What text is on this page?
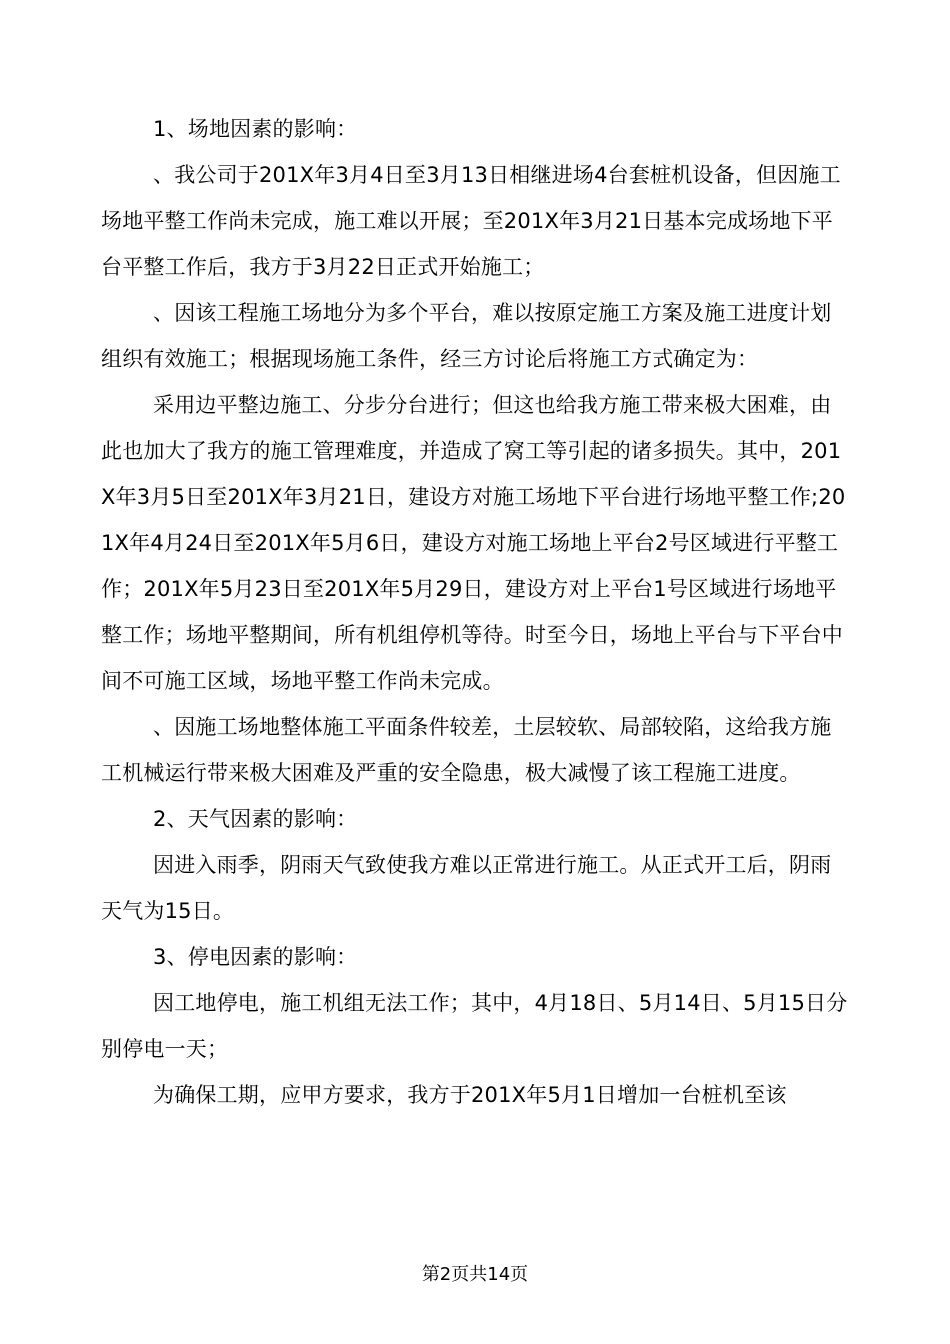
1、场地因素的影响：

、我公司于201X年3月4日至3月13日相继进场4台套桩机设备，但因施工场地平整工作尚未完成，施工难以开展；至201X年3月21日基本完成场地下平台平整工作后，我方于3月22日正式开始施工；

、因该工程施工场地分为多个平台，难以按原定施工方案及施工进度计划组织有效施工；根据现场施工条件，经三方讨论后将施工方式确定为：

采用边平整边施工、分步分台进行；但这也给我方施工带来极大困难，由此也加大了我方的施工管理难度，并造成了窝工等引起的诸多损失。其中，201X年3月5日至201X年3月21日，建设方对施工场地下平台进行场地平整工作;201X年4月24日至201X年5月6日，建设方对施工场地上平台2号区域进行平整工作；201X年5月23日至201X年5月29日，建设方对上平台1号区域进行场地平整工作；场地平整期间，所有机组停机等待。时至今日，场地上平台与下平台中间不可施工区域，场地平整工作尚未完成。

、因施工场地整体施工平面条件较差，土层较软、局部较陷，这给我方施工机械运行带来极大困难及严重的安全隐患，极大减慢了该工程施工进度。

2、天气因素的影响：

因进入雨季，阴雨天气致使我方难以正常进行施工。从正式开工后，阴雨天气为15日。

3、停电因素的影响：

因工地停电，施工机组无法工作；其中，4月18日、5月14日、5月15日分别停电一天；

为确保工期，应甲方要求，我方于201X年5月1日增加一台桩机至该

第2页共14页
